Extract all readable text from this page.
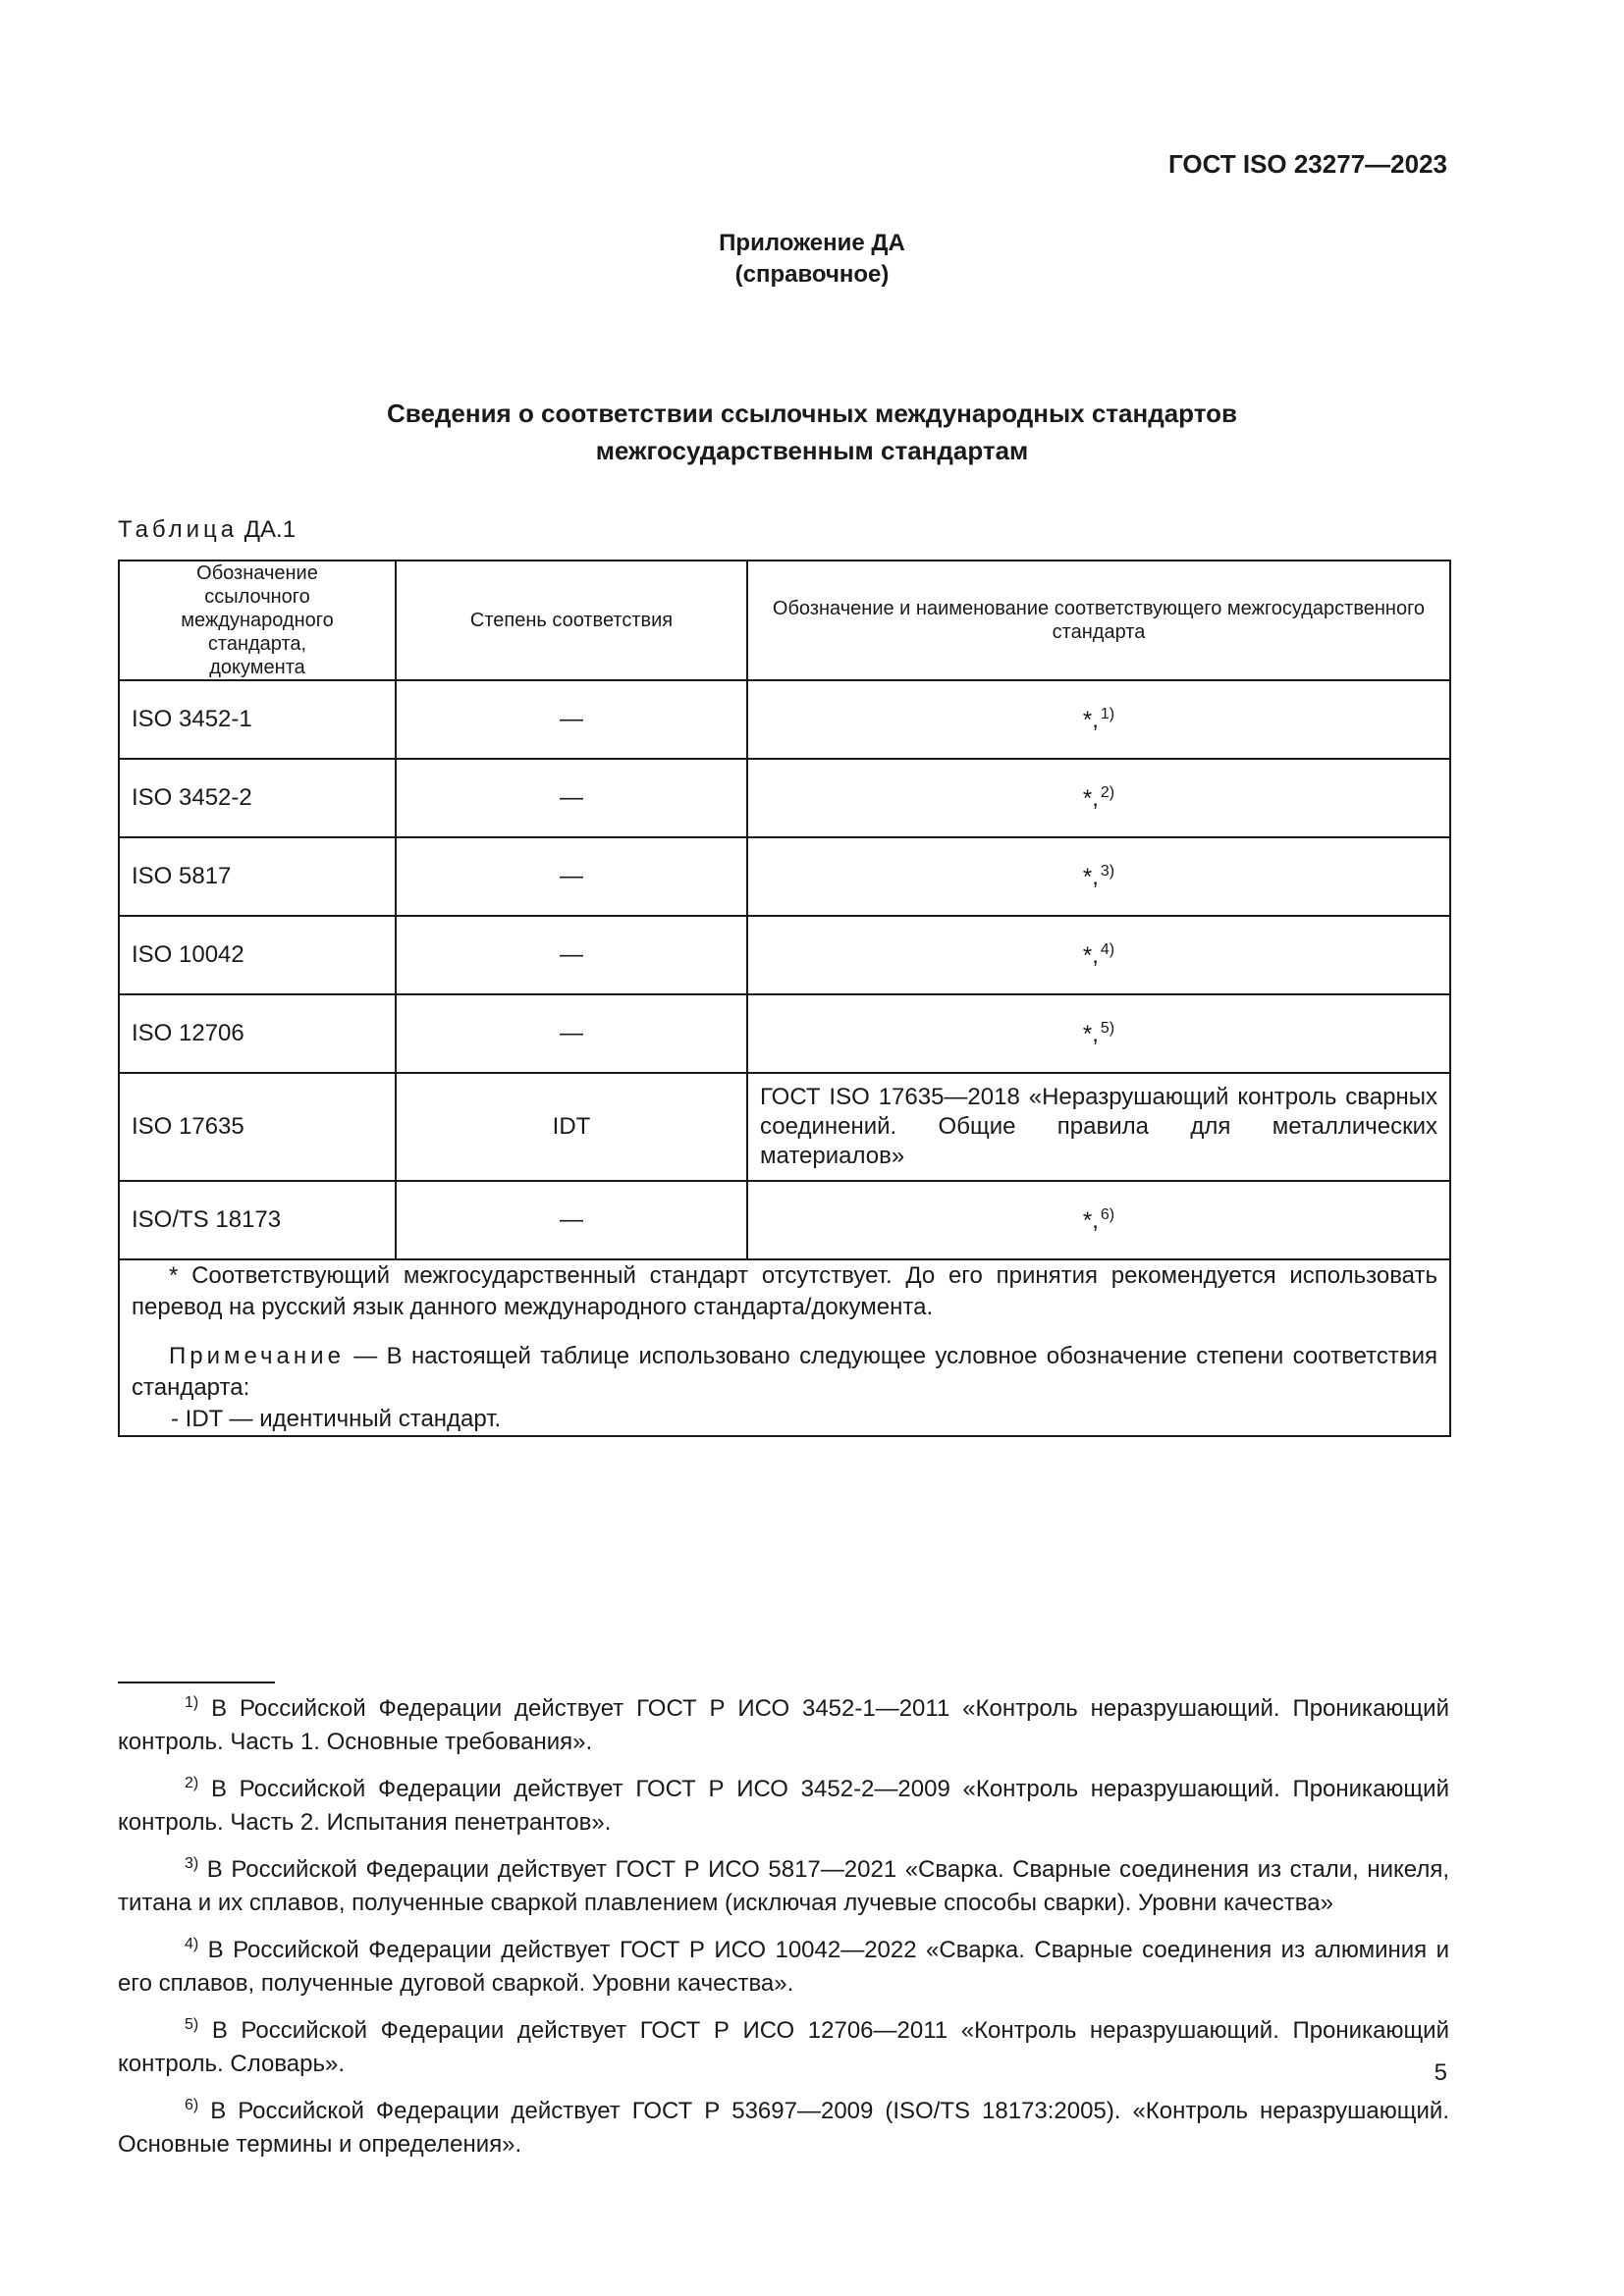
ГОСТ ISO 23277—2023
Приложение ДА
(справочное)
Сведения о соответствии ссылочных международных стандартов
межгосударственным стандартам
Таблица ДА.1
Обозначение ссылочного международного стандарта, документа	Степень соответствия	Обозначение и наименование соответствующего межгосударственного стандарта
ISO 3452-1	—	*,  $^{1)}$
ISO 3452-2	—	*,  $^{2)}$
ISO 5817	—	*,  $^{3)}$
ISO 10042	—	*,  $^{4)}$
ISO 12706	—	*,  $^{5)}$
ISO 17635	IDT	ГОСТ ISO 17635—2018 «Неразрушающий контроль сварных соединений. Общие правила для металлических материалов»
ISO/TS 18173	—	*,  $^{6)}$

* Соответствующий межгосударственный стандарт отсутствует. До его принятия рекомендуется использовать перевод на русский язык данного международного стандарта/документа.

Примечание — В настоящей таблице использовано следующее условное обозначение степени соответствия стандарта:

- IDT — идентичный стандарт.		

$^{1)}$ В Российской Федерации действует ГОСТ Р ИСО 3452-1—2011 «Контроль неразрушающий. Проникающий контроль. Часть 1. Основные требования».

$^{2)}$ В Российской Федерации действует ГОСТ Р ИСО 3452-2—2009 «Контроль неразрушающий. Проникающий контроль. Часть 2. Испытания пенетрантов».

$^{3)}$ В Российской Федерации действует ГОСТ Р ИСО 5817—2021 «Сварка. Сварные соединения из стали, никеля, титана и их сплавов, полученные сваркой плавлением (исключая лучевые способы сварки). Уровни качества»

$^{4)}$ В Российской Федерации действует ГОСТ Р ИСО 10042—2022 «Сварка. Сварные соединения из алюминия и его сплавов, полученные дуговой сваркой. Уровни качества».

$^{5)}$ В Российской Федерации действует ГОСТ Р ИСО 12706—2011 «Контроль неразрушающий. Проникающий контроль. Словарь».

$^{6)}$ В Российской Федерации действует ГОСТ Р 53697—2009 (ISO/TS 18173:2005). «Контроль неразрушающий. Основные термины и определения».

5
